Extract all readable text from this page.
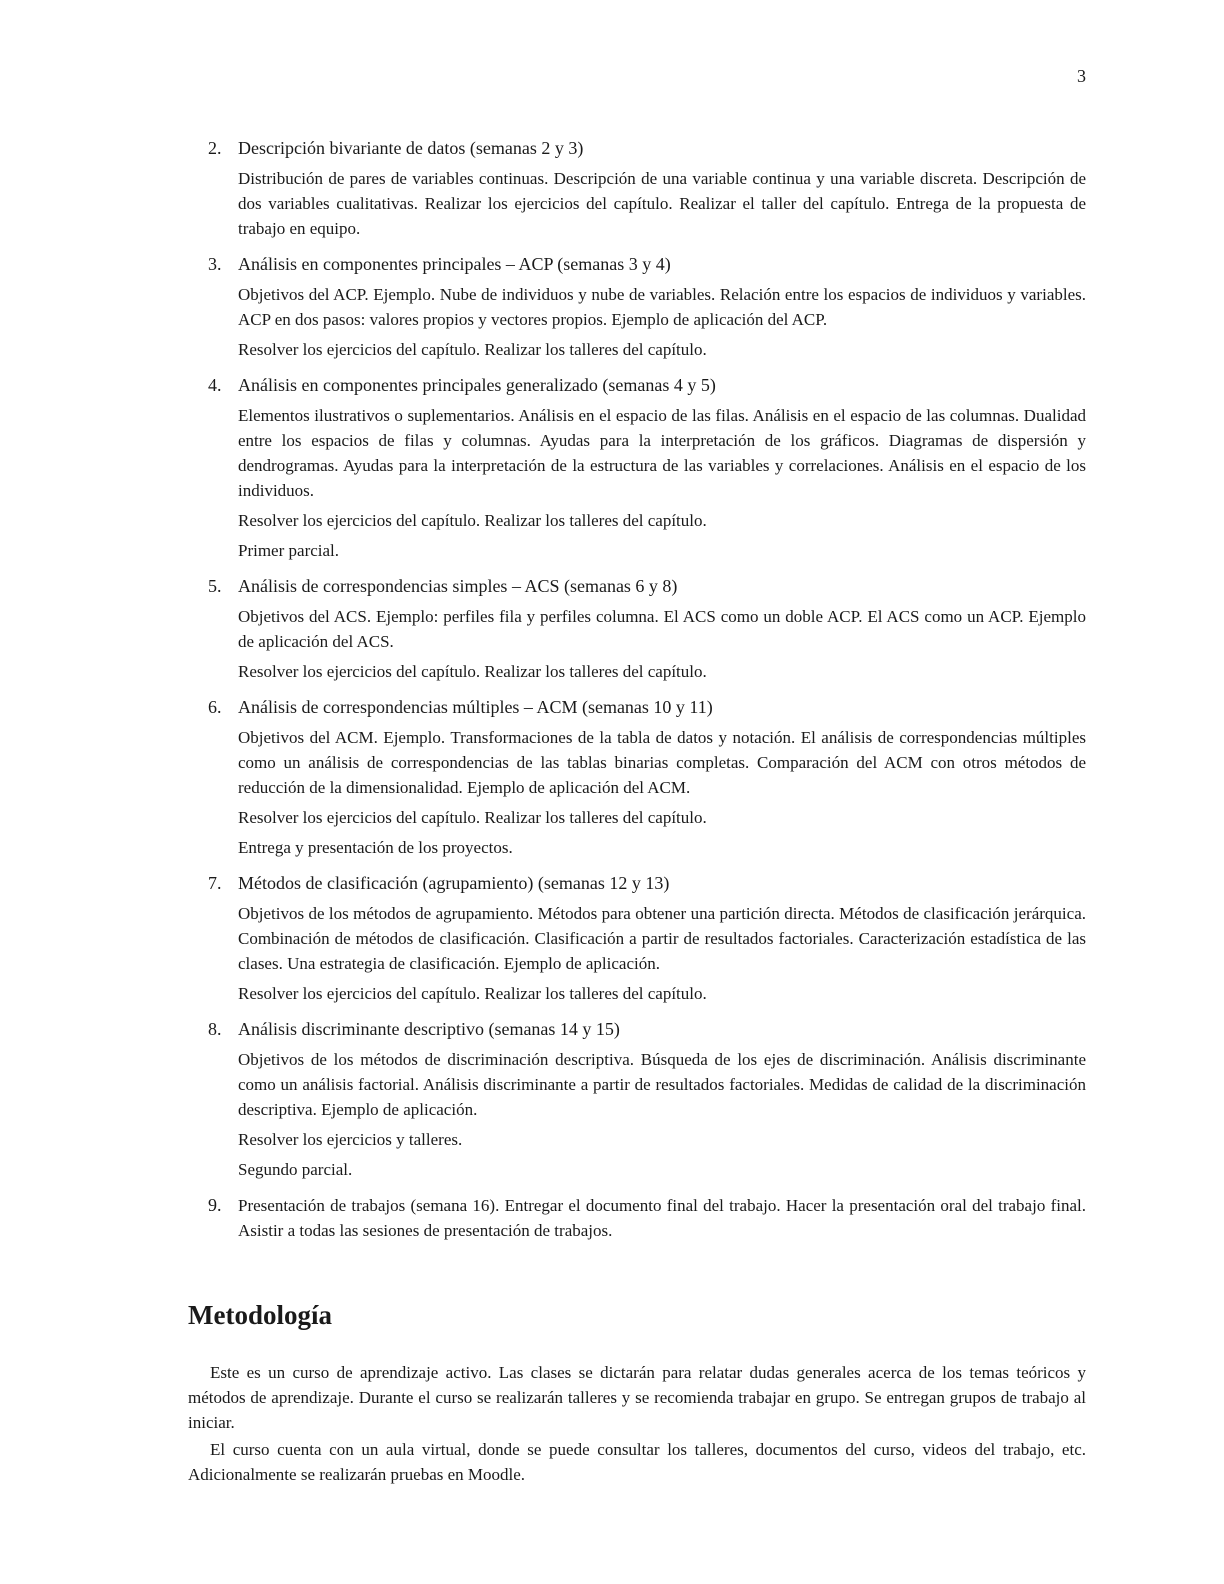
3
2. Descripción bivariante de datos (semanas 2 y 3)

Distribución de pares de variables continuas. Descripción de una variable continua y una variable discreta. Descripción de dos variables cualitativas. Realizar los ejercicios del capítulo. Realizar el taller del capítulo. Entrega de la propuesta de trabajo en equipo.

3. Análisis en componentes principales – ACP (semanas 3 y 4)

Objetivos del ACP. Ejemplo. Nube de individuos y nube de variables. Relación entre los espacios de individuos y variables. ACP en dos pasos: valores propios y vectores propios. Ejemplo de aplicación del ACP.

Resolver los ejercicios del capítulo. Realizar los talleres del capítulo.

4. Análisis en componentes principales generalizado (semanas 4 y 5)

Elementos ilustrativos o suplementarios. Análisis en el espacio de las filas. Análisis en el espacio de las columnas. Dualidad entre los espacios de filas y columnas. Ayudas para la interpretación de los gráficos. Diagramas de dispersión y dendrogramas. Ayudas para la interpretación de la estructura de las variables y correlaciones. Análisis en el espacio de los individuos.

Resolver los ejercicios del capítulo. Realizar los talleres del capítulo.

Primer parcial.

5. Análisis de correspondencias simples – ACS (semanas 6 y 8)

Objetivos del ACS. Ejemplo: perfiles fila y perfiles columna. El ACS como un doble ACP. El ACS como un ACP. Ejemplo de aplicación del ACS.

Resolver los ejercicios del capítulo. Realizar los talleres del capítulo.

6. Análisis de correspondencias múltiples – ACM (semanas 10 y 11)

Objetivos del ACM. Ejemplo. Transformaciones de la tabla de datos y notación. El análisis de correspondencias múltiples como un análisis de correspondencias de las tablas binarias completas. Comparación del ACM con otros métodos de reducción de la dimensionalidad. Ejemplo de aplicación del ACM.

Resolver los ejercicios del capítulo. Realizar los talleres del capítulo.

Entrega y presentación de los proyectos.

7. Métodos de clasificación (agrupamiento) (semanas 12 y 13)

Objetivos de los métodos de agrupamiento. Métodos para obtener una partición directa. Métodos de clasificación jerárquica. Combinación de métodos de clasificación. Clasificación a partir de resultados factoriales. Caracterización estadística de las clases. Una estrategia de clasificación. Ejemplo de aplicación.

Resolver los ejercicios del capítulo. Realizar los talleres del capítulo.

8. Análisis discriminante descriptivo (semanas 14 y 15)

Objetivos de los métodos de discriminación descriptiva. Búsqueda de los ejes de discriminación. Análisis discriminante como un análisis factorial. Análisis discriminante a partir de resultados factoriales. Medidas de calidad de la discriminación descriptiva. Ejemplo de aplicación.

Resolver los ejercicios y talleres.

Segundo parcial.

9. Presentación de trabajos (semana 16). Entregar el documento final del trabajo. Hacer la presentación oral del trabajo final. Asistir a todas las sesiones de presentación de trabajos.

Metodología

Este es un curso de aprendizaje activo. Las clases se dictarán para relatar dudas generales acerca de los temas teóricos y métodos de aprendizaje. Durante el curso se realizarán talleres y se recomienda trabajar en grupo. Se entregan grupos de trabajo al iniciar.

El curso cuenta con un aula virtual, donde se puede consultar los talleres, documentos del curso, videos del trabajo, etc. Adicionalmente se realizarán pruebas en Moodle.
